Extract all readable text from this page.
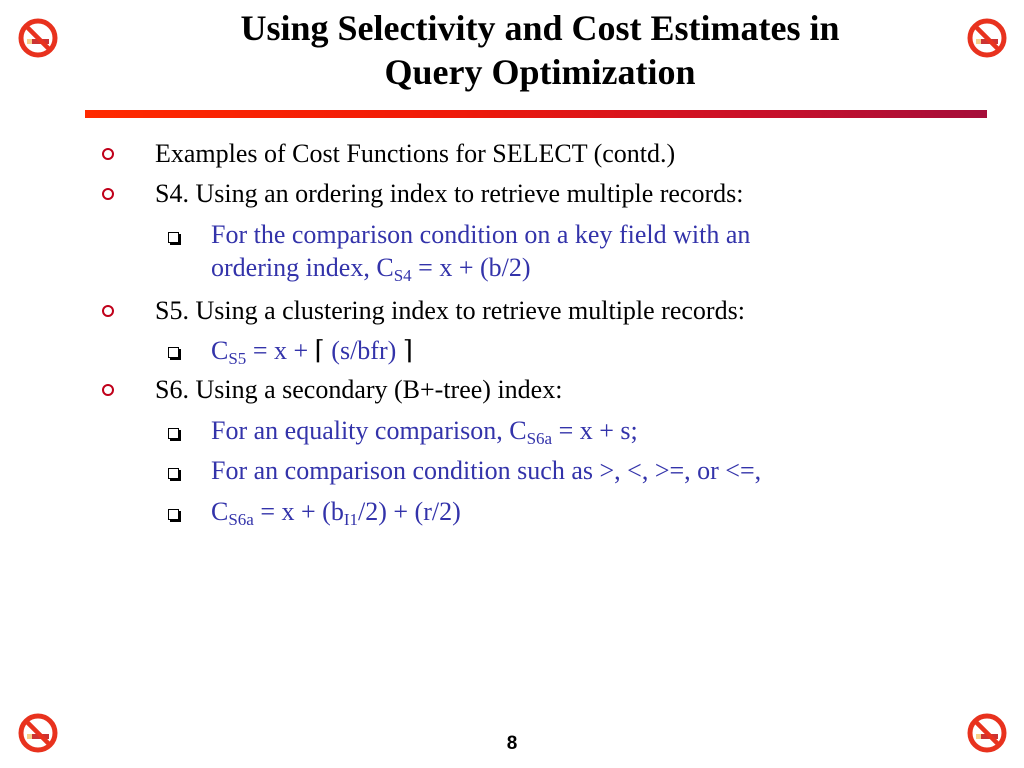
Using Selectivity and Cost Estimates in
Query Optimization
Examples of Cost Functions for SELECT (contd.)
S4. Using an ordering index to retrieve multiple records:
For the comparison condition on a key field with an
ordering index, $C_{S4} = x + (b/2)$
S5. Using a clustering index to retrieve multiple records:
$C_{S5} = x$ + ⌈ (s/bfr) ⌉
S6. Using a secondary (B+-tree) index:
For an equality comparison, $C_{S6a} = x + s$;
For an comparison condition such as >, <, >=, or <=,
$C_{S6a} = x + (b_{I1}/2) + (r/2)$
8
